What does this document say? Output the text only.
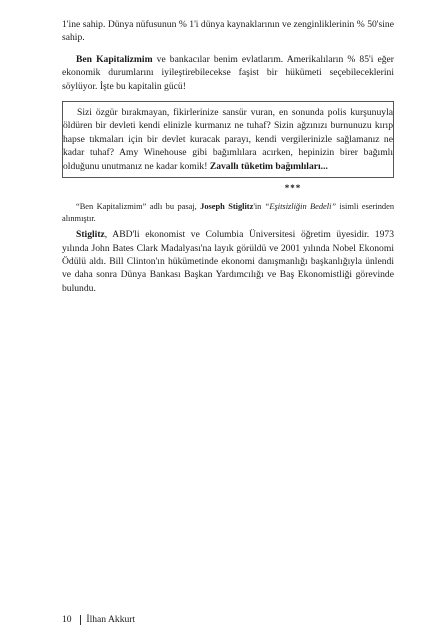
1'ine sahip. Dünya nüfusunun % 1'i dünya kaynaklarının ve zenginliklerinin % 50'sine sahip.

Ben Kapitalizmim ve bankacılar benim evlatlarım. Amerikalıların % 85'i eğer ekonomik durumlarını iyileştirebilecekse faşist bir hükümeti seçebileceklerini söylüyor. İşte bu kapitalin gücü!

Sizi özgür bırakmayan, fikirlerinize sansür vuran, en sonunda polis kurşunuyla öldüren bir devleti kendi elinizle kurmanız ne tuhaf? Sizin ağzınızı burnunuzu kırıp hapse tıkmaları için bir devlet kuracak parayı, kendi vergilerinizle sağlamanız ne kadar tuhaf? Amy Winehouse gibi bağımlılara acırken, hepinizin birer bağımlı olduğunu unutmanız ne kadar komik! Zavallı tüketim bağımlıları...

***

“Ben Kapitalizmim” adlı bu pasaj, Joseph Stiglitz'in “Eşitsizliğin Bedeli” isimli eserinden alınmıştır.

Stiglitz, ABD'li ekonomist ve Columbia Üniversitesi öğretim üyesidir. 1973 yılında John Bates Clark Madalyası'na layık görüldü ve 2001 yılında Nobel Ekonomi Ödülü aldı. Bill Clinton'ın hükümetinde ekonomi danışmanlığı başkanlığıyla ünlendi ve daha sonra Dünya Bankası Başkan Yardımcılığı ve Baş Ekonomistliği görevinde bulundu.

10 İlhan Akkurt
